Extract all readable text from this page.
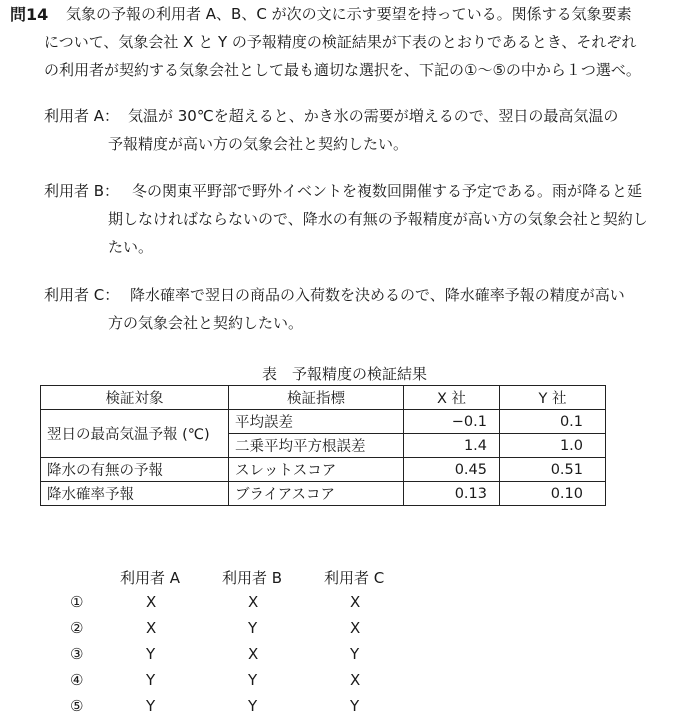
問14 気象の予報の利用者 A、B、C が次の文に示す要望を持っている。関係する気象要素
について、気象会社 X と Y の予報精度の検証結果が下表のとおりであるとき、それぞれ
の利用者が契約する気象会社として最も適切な選択を、下記の①〜⑤の中から１つ選べ。
利用者 A： 気温が 30℃を超えると、かき氷の需要が増えるので、翌日の最高気温の
予報精度が高い方の気象会社と契約したい。
利用者 B： 冬の関東平野部で野外イベントを複数回開催する予定である。雨が降ると延
期しなければならないので、降水の有無の予報精度が高い方の気象会社と契約し
たい。
利用者 C： 降水確率で翌日の商品の入荷数を決めるので、降水確率予報の精度が高い
方の気象会社と契約したい。
表　予報精度の検証結果
検証対象	検証指標	X 社	Y 社
翌日の最高気温予報 (℃)	平均誤差	−0.1	0.1
	二乗平均平方根誤差	1.4	1.0
降水の有無の予報	スレットスコア	0.45	0.51
降水確率予報	ブライアスコア	0.13	0.10
利用者 A	利用者 B	利用者 C
①	X	X	X
②	X	Y	X
③	Y	X	Y
④	Y	Y	X
⑤	Y	Y	Y
